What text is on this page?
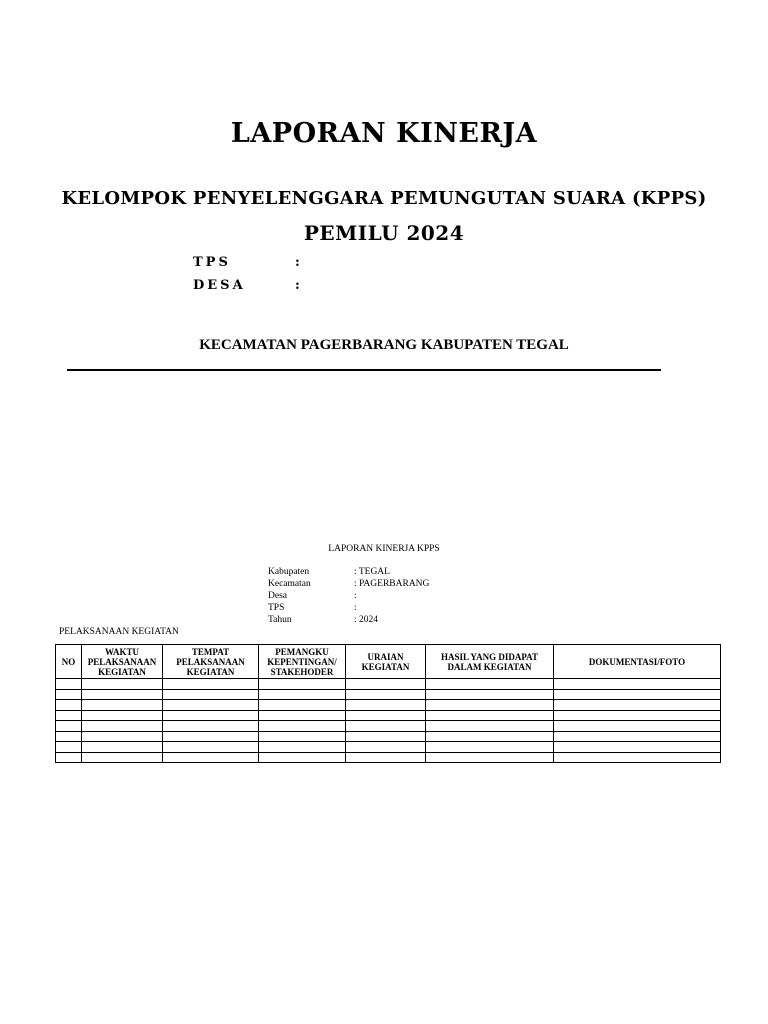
LAPORAN KINERJA
KELOMPOK PENYELENGGARA PEMUNGUTAN SUARA (KPPS)
PEMILU 2024
TPS	:
DESA	:
KECAMATAN PAGERBARANG KABUPATEN TEGAL
LAPORAN KINERJA KPPS
Kabupaten	: TEGAL
Kecamatan	: PAGERBARANG
Desa	:
TPS	:
Tahun	: 2024
PELAKSANAAN KEGIATAN
NO	WAKTU PELAKSANAAN KEGIATAN	TEMPAT PELAKSANAAN KEGIATAN	PEMANGKU KEPENTINGAN/ STAKEHODER	URAIAN KEGIATAN	HASIL YANG DIDAPAT DALAM KEGIATAN	DOKUMENTASI/FOTO
